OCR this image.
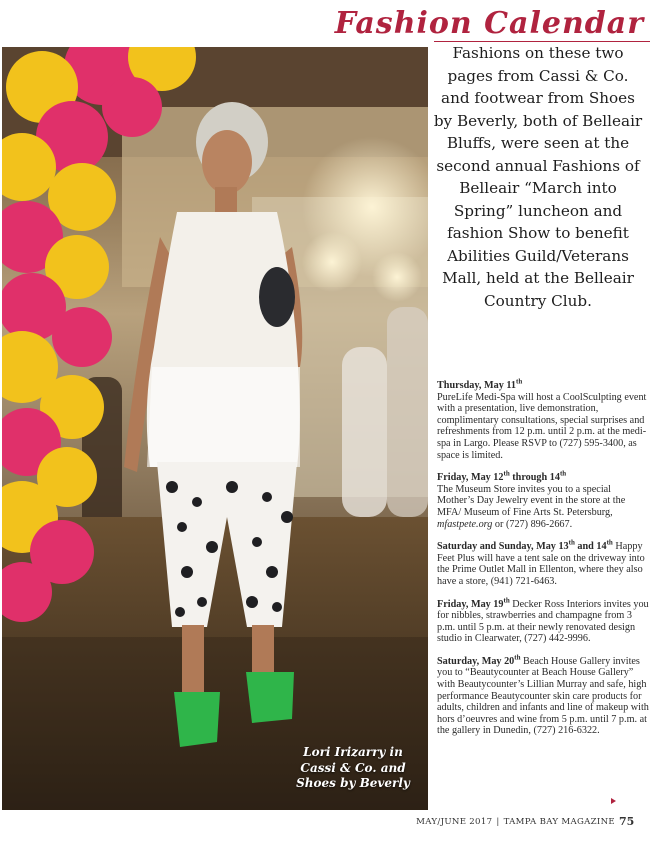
Fashion Calendar
Lori Irizarry in
Cassi & Co. and
Shoes by Beverly
Fashions on these two pages from Cassi & Co. and footwear from Shoes by Beverly, both of Belleair Bluffs, were seen at the second annual Fashions of Belleair “March into Spring” luncheon and fashion Show to benefit Abilities Guild/Veterans Mall, held at the Belleair Country Club.
Thursday, May 11th
PureLife Medi-Spa will host a CoolSculpting event with a presentation, live demonstration, complimentary consultations, special surprises and refreshments from 12 p.m. until 2 p.m. at the medi-spa in Largo. Please RSVP to (727) 595-3400, as space is limited.
Friday, May 12th through 14th
The Museum Store invites you to a special Mother’s Day Jewelry event in the store at the MFA/ Museum of Fine Arts St. Petersburg, mfastpete.org or (727) 896-2667.
Saturday and Sunday, May 13th and 14th Happy Feet Plus will have a tent sale on the driveway into the Prime Outlet Mall in Ellenton, where they also have a store, (941) 721-6463.
Friday, May 19th Decker Ross Interiors invites you for nibbles, strawberries and champagne from 3 p.m. until 5 p.m. at their newly renovated design studio in Clearwater, (727) 442-9996.
Saturday, May 20th Beach House Gallery invites you to “Beautycounter at Beach House Gallery” with Beautycounter’s Lillian Murray and safe, high performance Beautycounter skin care products for adults, children and infants and line of makeup with hors d’oeuvres and wine from 5 p.m. until 7 p.m. at the gallery in Dunedin, (727) 216-6322.
MAY/JUNE 2017 | TAMPA BAY MAGAZINE 75
